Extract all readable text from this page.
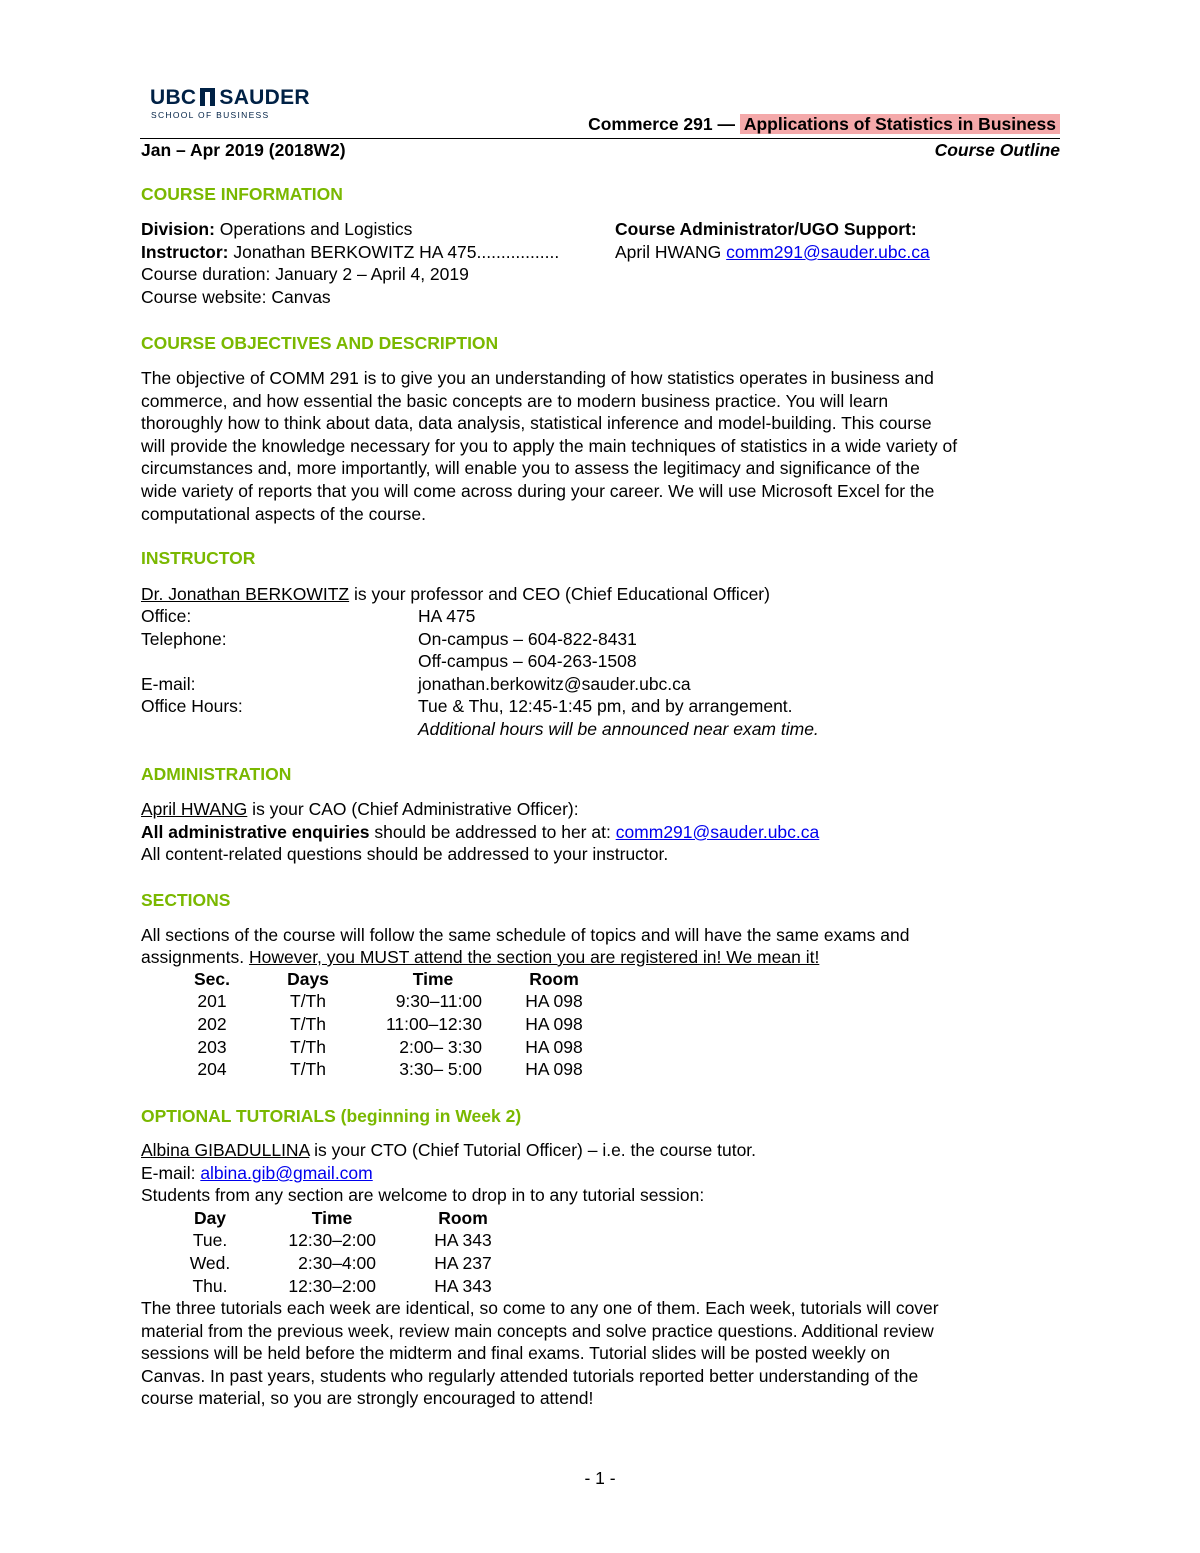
UBC SAUDER
SCHOOL OF BUSINESS	Commerce 291 — Applications of Statistics in Business
Jan – Apr 2019 (2018W2)	Course Outline
COURSE INFORMATION
Division: Operations and Logistics	Course Administrator/UGO Support:
Instructor: Jonathan BERKOWITZ HA 475.................	April HWANG comm291@sauder.ubc.ca
Course duration: January 2 – April 4, 2019
Course website: Canvas
COURSE OBJECTIVES AND DESCRIPTION
The objective of COMM 291 is to give you an understanding of how statistics operates in business and
commerce, and how essential the basic concepts are to modern business practice. You will learn
thoroughly how to think about data, data analysis, statistical inference and model-building. This course
will provide the knowledge necessary for you to apply the main techniques of statistics in a wide variety of
circumstances and, more importantly, will enable you to assess the legitimacy and significance of the
wide variety of reports that you will come across during your career. We will use Microsoft Excel for the
computational aspects of the course.
INSTRUCTOR
Dr. Jonathan BERKOWITZ is your professor and CEO (Chief Educational Officer)
Office:	HA 475
Telephone:	On-campus – 604-822-8431
Off-campus – 604-263-1508
E-mail:	jonathan.berkowitz@sauder.ubc.ca
Office Hours:	Tue & Thu, 12:45-1:45 pm, and by arrangement.
Additional hours will be announced near exam time.
ADMINISTRATION
April HWANG is your CAO (Chief Administrative Officer):
All administrative enquiries should be addressed to her at: comm291@sauder.ubc.ca
All content-related questions should be addressed to your instructor.
SECTIONS
All sections of the course will follow the same schedule of topics and will have the same exams and
assignments. However, you MUST attend the section you are registered in! We mean it!
Sec.	Days	Time	Room
201	T/Th	9:30–11:00	HA 098
202	T/Th	11:00–12:30	HA 098
203	T/Th	2:00– 3:30	HA 098
204	T/Th	3:30– 5:00	HA 098
OPTIONAL TUTORIALS (beginning in Week 2)
Albina GIBADULLINA is your CTO (Chief Tutorial Officer) – i.e. the course tutor.
E-mail: albina.gib@gmail.com
Students from any section are welcome to drop in to any tutorial session:
Day	Time	Room
Tue.	12:30–2:00	HA 343
Wed.	2:30–4:00	HA 237
Thu.	12:30–2:00	HA 343
The three tutorials each week are identical, so come to any one of them. Each week, tutorials will cover
material from the previous week, review main concepts and solve practice questions. Additional review
sessions will be held before the midterm and final exams. Tutorial slides will be posted weekly on
Canvas. In past years, students who regularly attended tutorials reported better understanding of the
course material, so you are strongly encouraged to attend!
- 1 -
